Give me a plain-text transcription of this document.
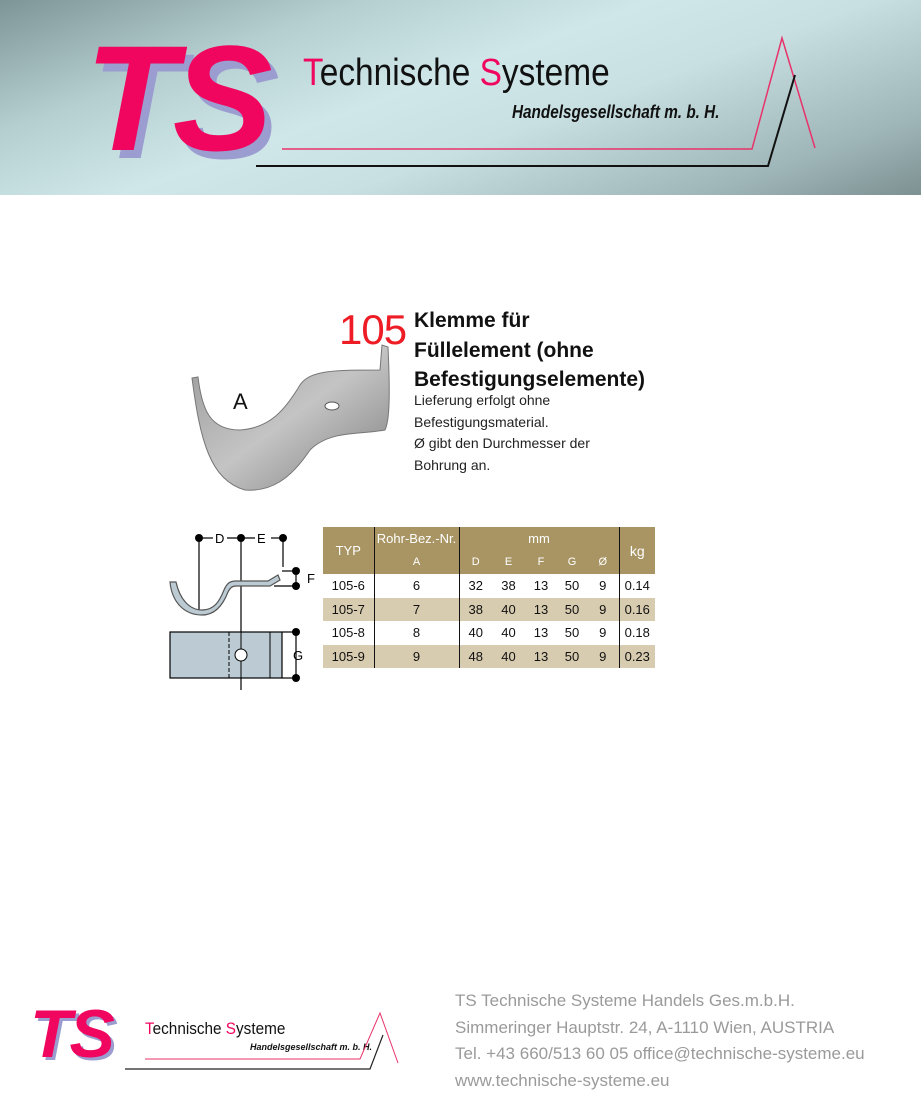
TS Technische Systeme
Handelsgesellschaft m. b. H.
105 Klemme für
Füllelement (ohne
Befestigungselemente)
Lieferung erfolgt ohne
Befestigungsmaterial.
Ø gibt den Durchmesser der
Bohrung an.
A
D	E
F
G
TYP	Rohr-Bez.-Nr.	mm					kg
	A	D	E	F	G	Ø	
105-6	6	32	38	13	50	9	0.14
105-7	7	38	40	13	50	9	0.16
105-8	8	40	40	13	50	9	0.18
105-9	9	48	40	13	50	9	0.23
TS Technische Systeme
Handelsgesellschaft m. b. H.
TS Technische Systeme Handels Ges.m.b.H.
Simmeringer Hauptstr. 24, A-1110 Wien, AUSTRIA
Tel. +43 660/513 60 05 office@technische-systeme.eu
www.technische-systeme.eu
